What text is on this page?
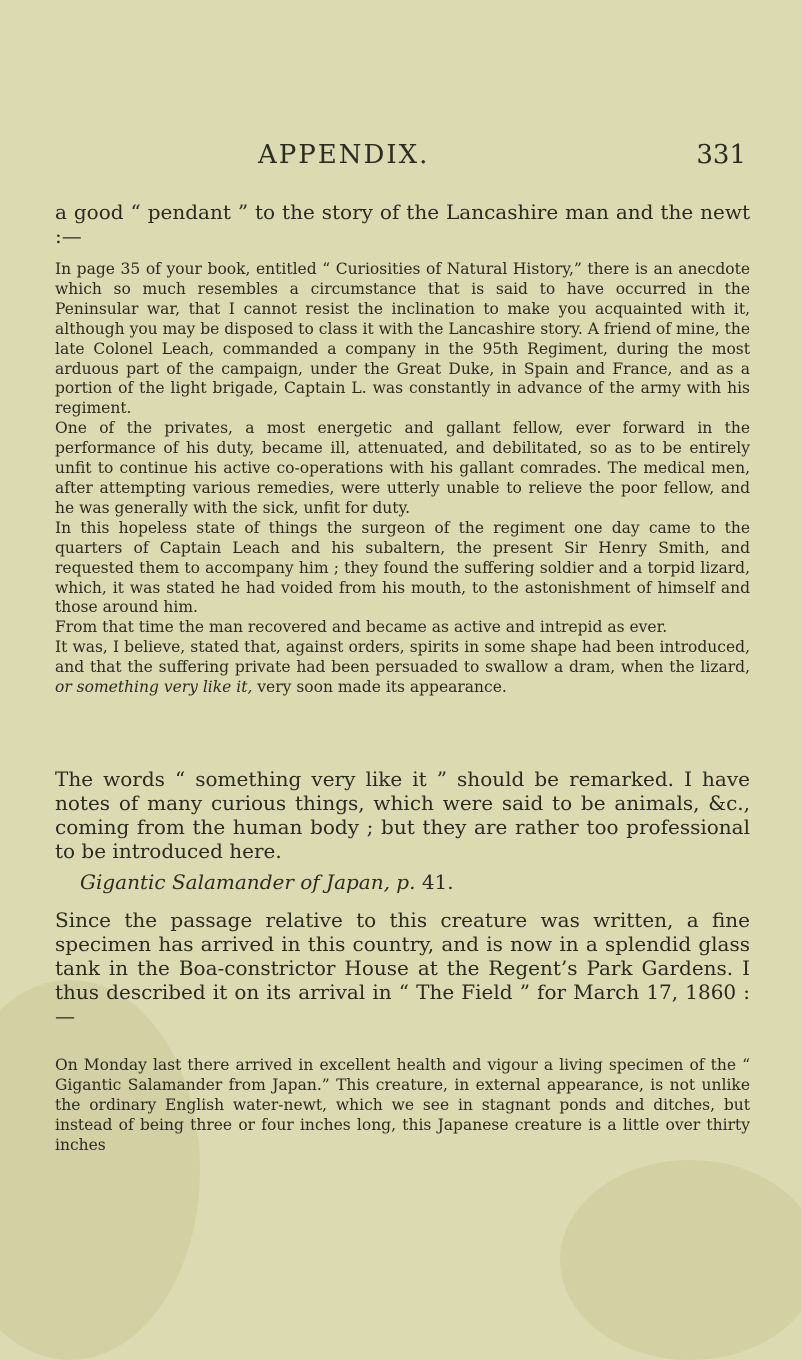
APPENDIX.	331

a good “ pendant ” to the story of the Lancashire man and the newt :—

In page 35 of your book, entitled “ Curiosities of Natural History,” there is an anecdote which so much resembles a circumstance that is said to have occurred in the Peninsular war, that I cannot resist the inclination to make you acquainted with it, although you may be disposed to class it with the Lancashire story. A friend of mine, the late Colonel Leach, commanded a company in the 95th Regiment, during the most arduous part of the campaign, under the Great Duke, in Spain and France, and as a portion of the light brigade, Captain L. was constantly in advance of the army with his regiment.
One of the privates, a most energetic and gallant fellow, ever forward in the performance of his duty, became ill, attenuated, and debilitated, so as to be entirely unfit to continue his active co-operations with his gallant comrades. The medical men, after attempting various remedies, were utterly unable to relieve the poor fellow, and he was generally with the sick, unfit for duty.
In this hopeless state of things the surgeon of the regiment one day came to the quarters of Captain Leach and his subaltern, the present Sir Henry Smith, and requested them to accompany him ; they found the suffering soldier and a torpid lizard, which, it was stated he had voided from his mouth, to the astonishment of himself and those around him.
From that time the man recovered and became as active and intrepid as ever.
It was, I believe, stated that, against orders, spirits in some shape had been introduced, and that the suffering private had been persuaded to swallow a dram, when the lizard, or something very like it, very soon made its appearance.

The words “ something very like it ” should be remarked. I have notes of many curious things, which were said to be animals, &c., coming from the human body ; but they are rather too professional to be introduced here.

Gigantic Salamander of Japan, p. 41.

Since the passage relative to this creature was written, a fine specimen has arrived in this country, and is now in a splendid glass tank in the Boa-constrictor House at the Regent’s Park Gardens. I thus described it on its arrival in “ The Field ” for March 17, 1860 :—

On Monday last there arrived in excellent health and vigour a living specimen of the “ Gigantic Salamander from Japan.” This creature, in external appearance, is not unlike the ordinary English water-newt, which we see in stagnant ponds and ditches, but instead of being three or four inches long, this Japanese creature is a little over thirty inches
